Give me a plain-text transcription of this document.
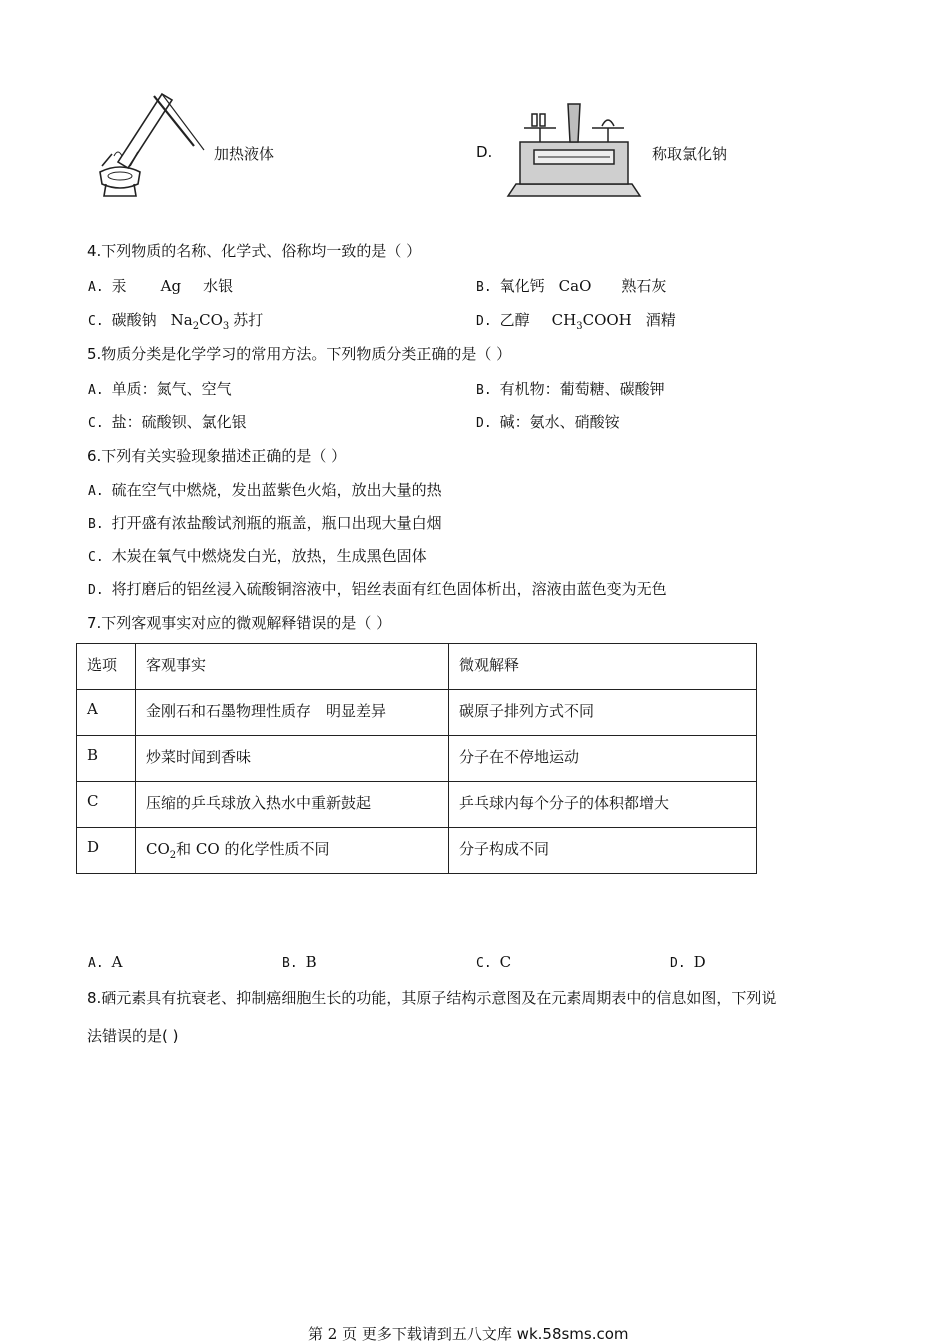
加热液体	D.	称取氯化钠
4.下列物质的名称、化学式、俗称均一致的是（ ）
A. 汞 Ag 水银	B. 氧化钙 CaO 熟石灰
C. 碳酸钠 $Na_2CO_3$ 苏打	D. 乙醇 $CH_3COOH$ 酒精
5.物质分类是化学学习的常用方法。下列物质分类正确的是（ ）
A. 单质：氮气、空气	B. 有机物：葡萄糖、碳酸钾
C. 盐：硫酸钡、氯化银	D. 碱：氨水、硝酸铵
6.下列有关实验现象描述正确的是（ ）
A. 硫在空气中燃烧，发出蓝紫色火焰，放出大量的热
B. 打开盛有浓盐酸试剂瓶的瓶盖，瓶口出现大量白烟
C. 木炭在氧气中燃烧发白光，放热，生成黑色固体
D. 将打磨后的铝丝浸入硫酸铜溶液中，铝丝表面有红色固体析出，溶液由蓝色变为无色
7.下列客观事实对应的微观解释错误的是（ ）
选项	客观事实	微观解释
A	金刚石和石墨物理性质存　明显差异	碳原子排列方式不同
B	炒菜时闻到香味	分子在不停地运动
C	压缩的乒乓球放入热水中重新鼓起	乒乓球内每个分子的体积都增大
D	$CO_2$和 CO 的化学性质不同	分子构成不同
A. A	B. B	C. C	D. D
8.硒元素具有抗衰老、抑制癌细胞生长的功能，其原子结构示意图及在元素周期表中的信息如图，下列说
法错误的是( )
第 2 页 更多下载请到五八文库 wk.58sms.com
